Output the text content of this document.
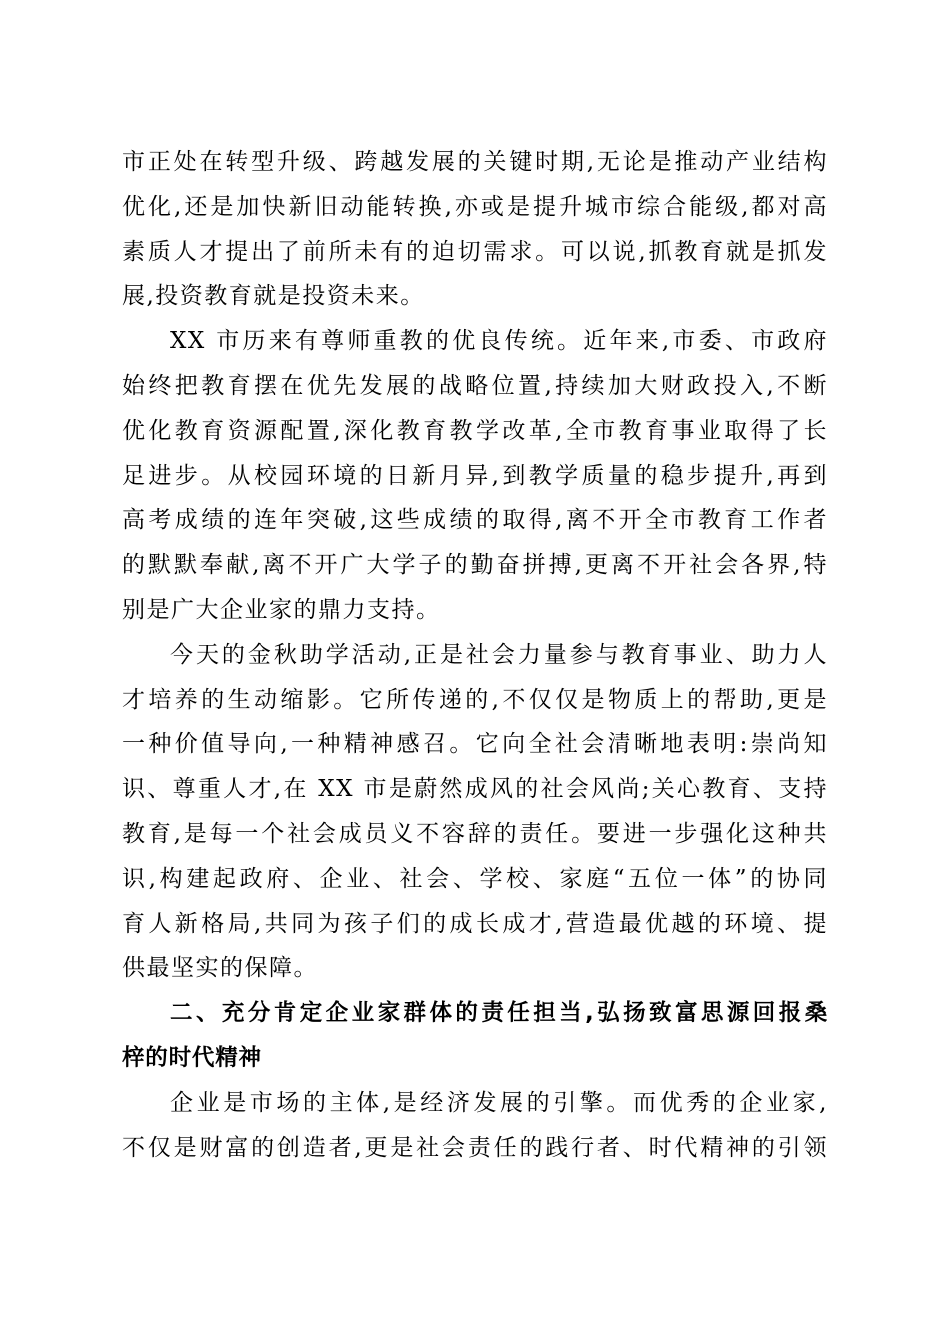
市正处在转型升级、跨越发展的关键时期,无论是推动产业结构
优化,还是加快新旧动能转换,亦或是提升城市综合能级,都对高
素质人才提出了前所未有的迫切需求。可以说,抓教育就是抓发
展,投资教育就是投资未来。
XX 市历来有尊师重教的优良传统。近年来,市委、市政府
始终把教育摆在优先发展的战略位置,持续加大财政投入,不断
优化教育资源配置,深化教育教学改革,全市教育事业取得了长
足进步。从校园环境的日新月异,到教学质量的稳步提升,再到
高考成绩的连年突破,这些成绩的取得,离不开全市教育工作者
的默默奉献,离不开广大学子的勤奋拼搏,更离不开社会各界,特
别是广大企业家的鼎力支持。
今天的金秋助学活动,正是社会力量参与教育事业、助力人
才培养的生动缩影。它所传递的,不仅仅是物质上的帮助,更是
一种价值导向,一种精神感召。它向全社会清晰地表明:崇尚知
识、尊重人才,在 XX 市是蔚然成风的社会风尚;关心教育、支持
教育,是每一个社会成员义不容辞的责任。要进一步强化这种共
识,构建起政府、企业、社会、学校、家庭“五位一体”的协同
育人新格局,共同为孩子们的成长成才,营造最优越的环境、提
供最坚实的保障。
二、充分肯定企业家群体的责任担当,弘扬致富思源回报桑
梓的时代精神
企业是市场的主体,是经济发展的引擎。而优秀的企业家,
不仅是财富的创造者,更是社会责任的践行者、时代精神的引领
